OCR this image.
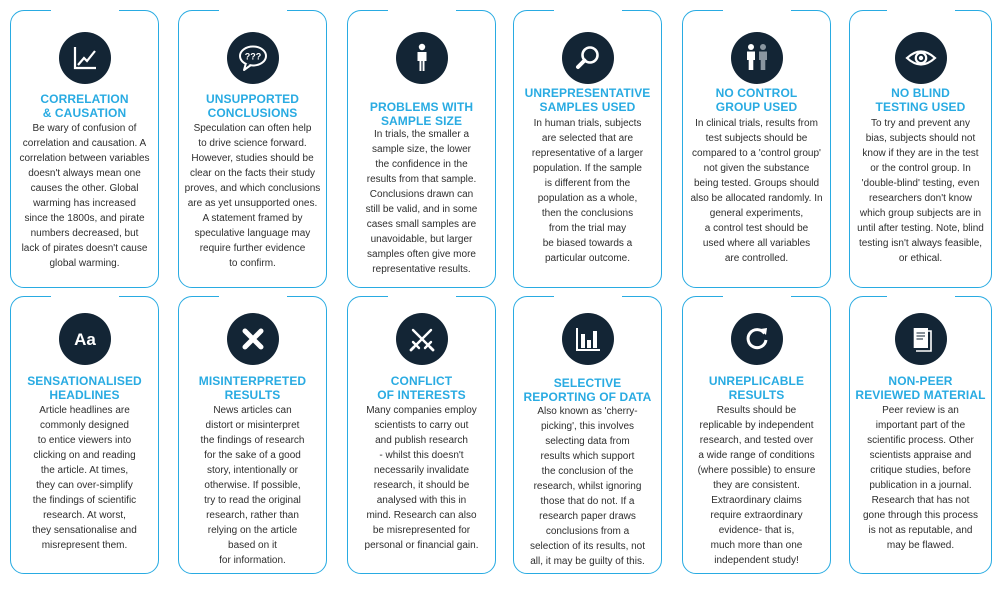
CORRELATION
& CAUSATION
Be wary of confusion of
correlation and causation. A
correlation between variables
doesn't always mean one
causes the other. Global
warming has increased
since the 1800s, and pirate
numbers decreased, but
lack of pirates doesn't cause
global warming.
???
UNSUPPORTED
CONCLUSIONS
Speculation can often help
to drive science forward.
However, studies should be
clear on the facts their study
proves, and which conclusions
are as yet unsupported ones.
A statement framed by
speculative language may
require further evidence
to confirm.
PROBLEMS WITH
SAMPLE SIZE
In trials, the smaller a
sample size, the lower
the confidence in the
results from that sample.
Conclusions drawn can
still be valid, and in some
cases small samples are
unavoidable, but larger
samples often give more
representative results.
UNREPRESENTATIVE
SAMPLES USED
In human trials, subjects
are selected that are
representative of a larger
population. If the sample
is different from the
population as a whole,
then the conclusions
from the trial may
be biased towards a
particular outcome.
NO CONTROL
GROUP USED
In clinical trials, results from
test subjects should be
compared to a 'control group'
not given the substance
being tested. Groups should
also be allocated randomly. In
general experiments,
a control test should be
used where all variables
are controlled.
NO BLIND
TESTING USED
To try and prevent any
bias, subjects should not
know if they are in the test
or the control group. In
'double-blind' testing, even
researchers don't know
which group subjects are in
until after testing. Note, blind
testing isn't always feasible,
or ethical.
Aa
SENSATIONALISED
HEADLINES
Article headlines are
commonly designed
to entice viewers into
clicking on and reading
the article. At times,
they can over-simplify
the findings of scientific
research. At worst,
they sensationalise and
misrepresent them.
MISINTERPRETED
RESULTS
News articles can
distort or misinterpret
the findings of research
for the sake of a good
story, intentionally or
otherwise. If possible,
try to read the original
research, rather than
relying on the article
based on it
for information.
CONFLICT
OF INTERESTS
Many companies employ
scientists to carry out
and publish research
- whilst this doesn't
necessarily invalidate
research, it should be
analysed with this in
mind. Research can also
be misrepresented for
personal or financial gain.
SELECTIVE
REPORTING OF DATA
Also known as 'cherry-
picking', this involves
selecting data from
results which support
the conclusion of the
research, whilst ignoring
those that do not. If a
research paper draws
conclusions from a
selection of its results, not
all, it may be guilty of this.
UNREPLICABLE
RESULTS
Results should be
replicable by independent
research, and tested over
a wide range of conditions
(where possible) to ensure
they are consistent.
Extraordinary claims
require extraordinary
evidence- that is,
much more than one
independent study!
NON-PEER
REVIEWED MATERIAL
Peer review is an
important part of the
scientific process. Other
scientists appraise and
critique studies, before
publication in a journal.
Research that has not
gone through this process
is not as reputable, and
may be flawed.
